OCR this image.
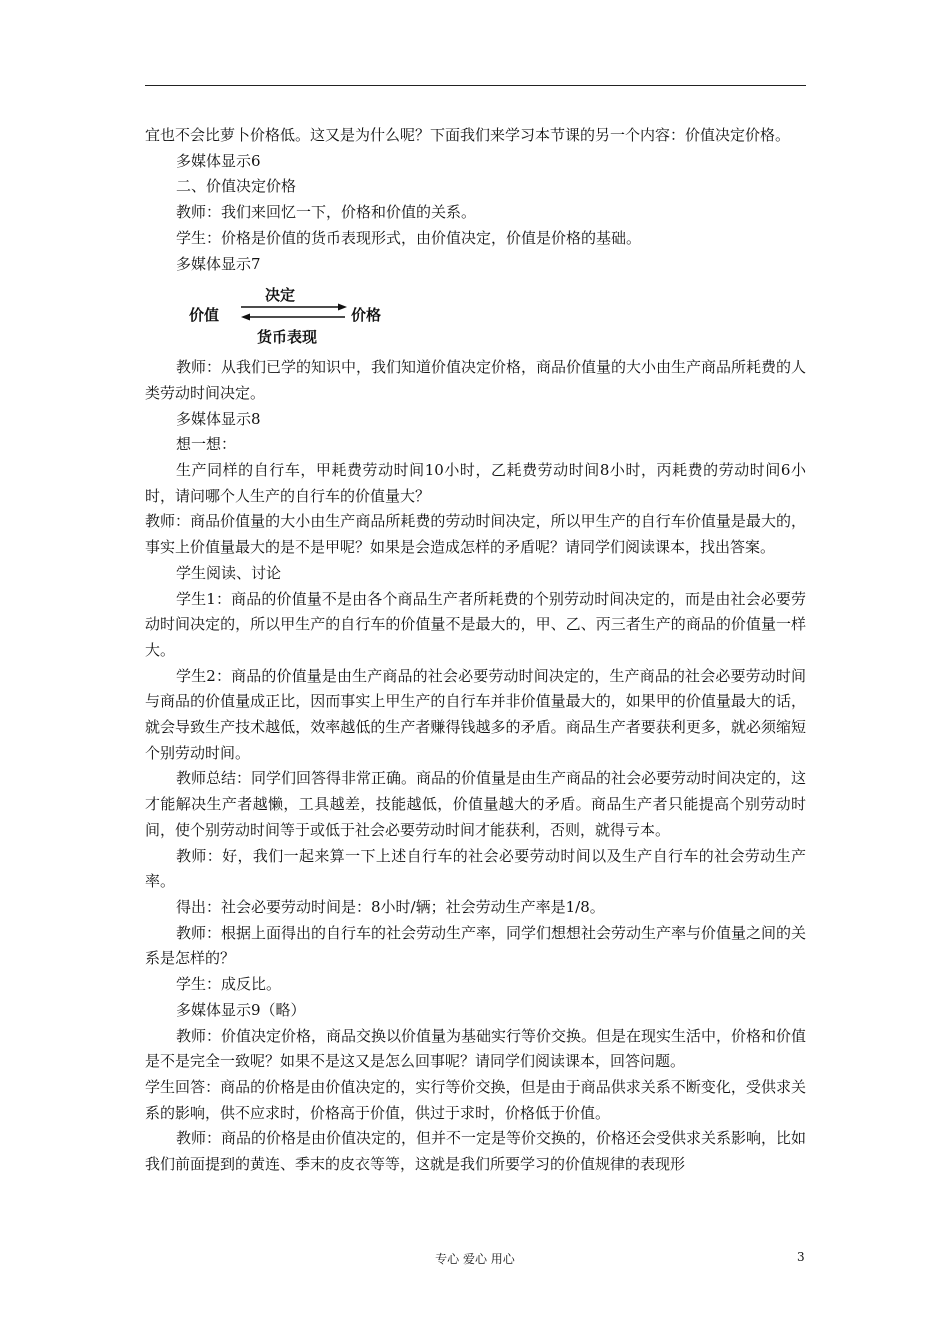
宜也不会比萝卜价格低。这又是为什么呢？下面我们来学习本节课的另一个内容：价值决定价格。

多媒体显示6

二、价值决定价格

教师：我们来回忆一下，价格和价值的关系。

学生：价格是价值的货币表现形式，由价值决定，价值是价格的基础。

多媒体显示7

决定
价值	价格
货币表现

教师：从我们已学的知识中，我们知道价值决定价格，商品价值量的大小由生产商品所耗费的人类劳动时间决定。

多媒体显示8

想一想：

生产同样的自行车，甲耗费劳动时间10小时，乙耗费劳动时间8小时，丙耗费的劳动时间6小时，请问哪个人生产的自行车的价值量大？

教师：商品价值量的大小由生产商品所耗费的劳动时间决定，所以甲生产的自行车价值量是最大的，事实上价值量最大的是不是甲呢？如果是会造成怎样的矛盾呢？请同学们阅读课本，找出答案。

学生阅读、讨论

学生1：商品的价值量不是由各个商品生产者所耗费的个别劳动时间决定的，而是由社会必要劳动时间决定的，所以甲生产的自行车的价值量不是最大的，甲、乙、丙三者生产的商品的价值量一样大。

学生2：商品的价值量是由生产商品的社会必要劳动时间决定的，生产商品的社会必要劳动时间与商品的价值量成正比，因而事实上甲生产的自行车并非价值量最大的，如果甲的价值量最大的话，就会导致生产技术越低，效率越低的生产者赚得钱越多的矛盾。商品生产者要获利更多，就必须缩短个别劳动时间。

教师总结：同学们回答得非常正确。商品的价值量是由生产商品的社会必要劳动时间决定的，这才能解决生产者越懒，工具越差，技能越低，价值量越大的矛盾。商品生产者只能提高个别劳动时间，使个别劳动时间等于或低于社会必要劳动时间才能获利，否则，就得亏本。

教师：好，我们一起来算一下上述自行车的社会必要劳动时间以及生产自行车的社会劳动生产率。

得出：社会必要劳动时间是：8小时/辆；社会劳动生产率是1/8。

教师：根据上面得出的自行车的社会劳动生产率，同学们想想社会劳动生产率与价值量之间的关系是怎样的？

学生：成反比。

多媒体显示9（略）

教师：价值决定价格，商品交换以价值量为基础实行等价交换。但是在现实生活中，价格和价值是不是完全一致呢？如果不是这又是怎么回事呢？请同学们阅读课本，回答问题。

学生回答：商品的价格是由价值决定的，实行等价交换，但是由于商品供求关系不断变化，受供求关系的影响，供不应求时，价格高于价值，供过于求时，价格低于价值。

教师：商品的价格是由价值决定的，但并不一定是等价交换的，价格还会受供求关系影响，比如我们前面提到的黄连、季末的皮衣等等，这就是我们所要学习的价值规律的表现形

专心 爱心 用心	3
